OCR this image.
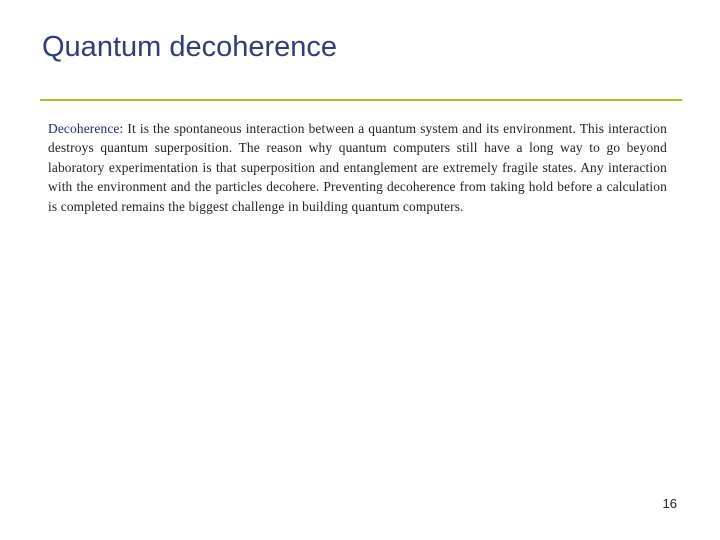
Quantum decoherence
Decoherence: It is the spontaneous interaction between a quantum system and its environment. This interaction destroys quantum superposition. The reason why quantum computers still have a long way to go beyond laboratory experimentation is that superposition and entanglement are extremely fragile states. Any interaction with the environment and the particles decohere. Preventing decoherence from taking hold before a calculation is completed remains the biggest challenge in building quantum computers.
16
